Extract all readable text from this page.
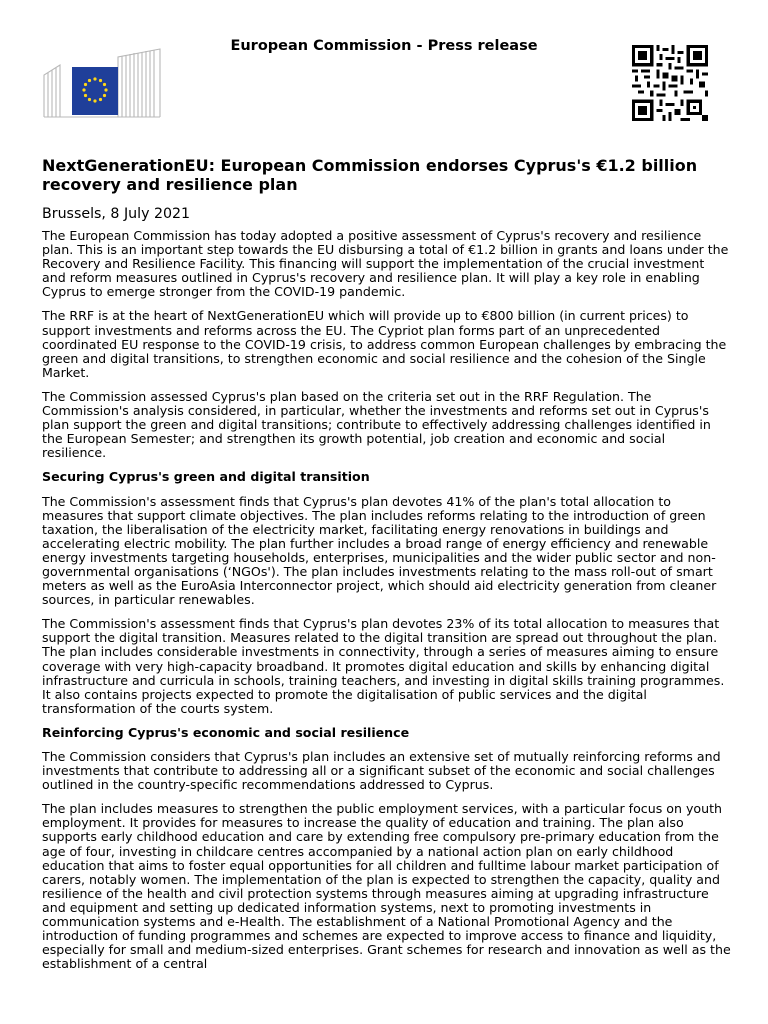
European Commission - Press release
NextGenerationEU: European Commission endorses Cyprus's €1.2 billion recovery and resilience plan

Brussels, 8 July 2021

The European Commission has today adopted a positive assessment of Cyprus's recovery and resilience plan. This is an important step towards the EU disbursing a total of €1.2 billion in grants and loans under the Recovery and Resilience Facility. This financing will support the implementation of the crucial investment and reform measures outlined in Cyprus's recovery and resilience plan. It will play a key role in enabling Cyprus to emerge stronger from the COVID-19 pandemic.

The RRF is at the heart of NextGenerationEU which will provide up to €800 billion (in current prices) to support investments and reforms across the EU. The Cypriot plan forms part of an unprecedented coordinated EU response to the COVID-19 crisis, to address common European challenges by embracing the green and digital transitions, to strengthen economic and social resilience and the cohesion of the Single Market.

The Commission assessed Cyprus's plan based on the criteria set out in the RRF Regulation. The Commission's analysis considered, in particular, whether the investments and reforms set out in Cyprus's plan support the green and digital transitions; contribute to effectively addressing challenges identified in the European Semester; and strengthen its growth potential, job creation and economic and social resilience.

Securing Cyprus's green and digital transition

The Commission's assessment finds that Cyprus's plan devotes 41% of the plan's total allocation to measures that support climate objectives. The plan includes reforms relating to the introduction of green taxation, the liberalisation of the electricity market, facilitating energy renovations in buildings and accelerating electric mobility. The plan further includes a broad range of energy efficiency and renewable energy investments targeting households, enterprises, municipalities and the wider public sector and non-governmental organisations (‘NGOs'). The plan includes investments relating to the mass roll-out of smart meters as well as the EuroAsia Interconnector project, which should aid electricity generation from cleaner sources, in particular renewables.

The Commission's assessment finds that Cyprus's plan devotes 23% of its total allocation to measures that support the digital transition. Measures related to the digital transition are spread out throughout the plan. The plan includes considerable investments in connectivity, through a series of measures aiming to ensure coverage with very high-capacity broadband. It promotes digital education and skills by enhancing digital infrastructure and curricula in schools, training teachers, and investing in digital skills training programmes. It also contains projects expected to promote the digitalisation of public services and the digital transformation of the courts system.

Reinforcing Cyprus's economic and social resilience

The Commission considers that Cyprus's plan includes an extensive set of mutually reinforcing reforms and investments that contribute to addressing all or a significant subset of the economic and social challenges outlined in the country-specific recommendations addressed to Cyprus.

The plan includes measures to strengthen the public employment services, with a particular focus on youth employment. It provides for measures to increase the quality of education and training. The plan also supports early childhood education and care by extending free compulsory pre-primary education from the age of four, investing in childcare centres accompanied by a national action plan on early childhood education that aims to foster equal opportunities for all children and fulltime labour market participation of carers, notably women. The implementation of the plan is expected to strengthen the capacity, quality and resilience of the health and civil protection systems through measures aiming at upgrading infrastructure and equipment and setting up dedicated information systems, next to promoting investments in communication systems and e-Health. The establishment of a National Promotional Agency and the introduction of funding programmes and schemes are expected to improve access to finance and liquidity, especially for small and medium-sized enterprises. Grant schemes for research and innovation as well as the establishment of a central
